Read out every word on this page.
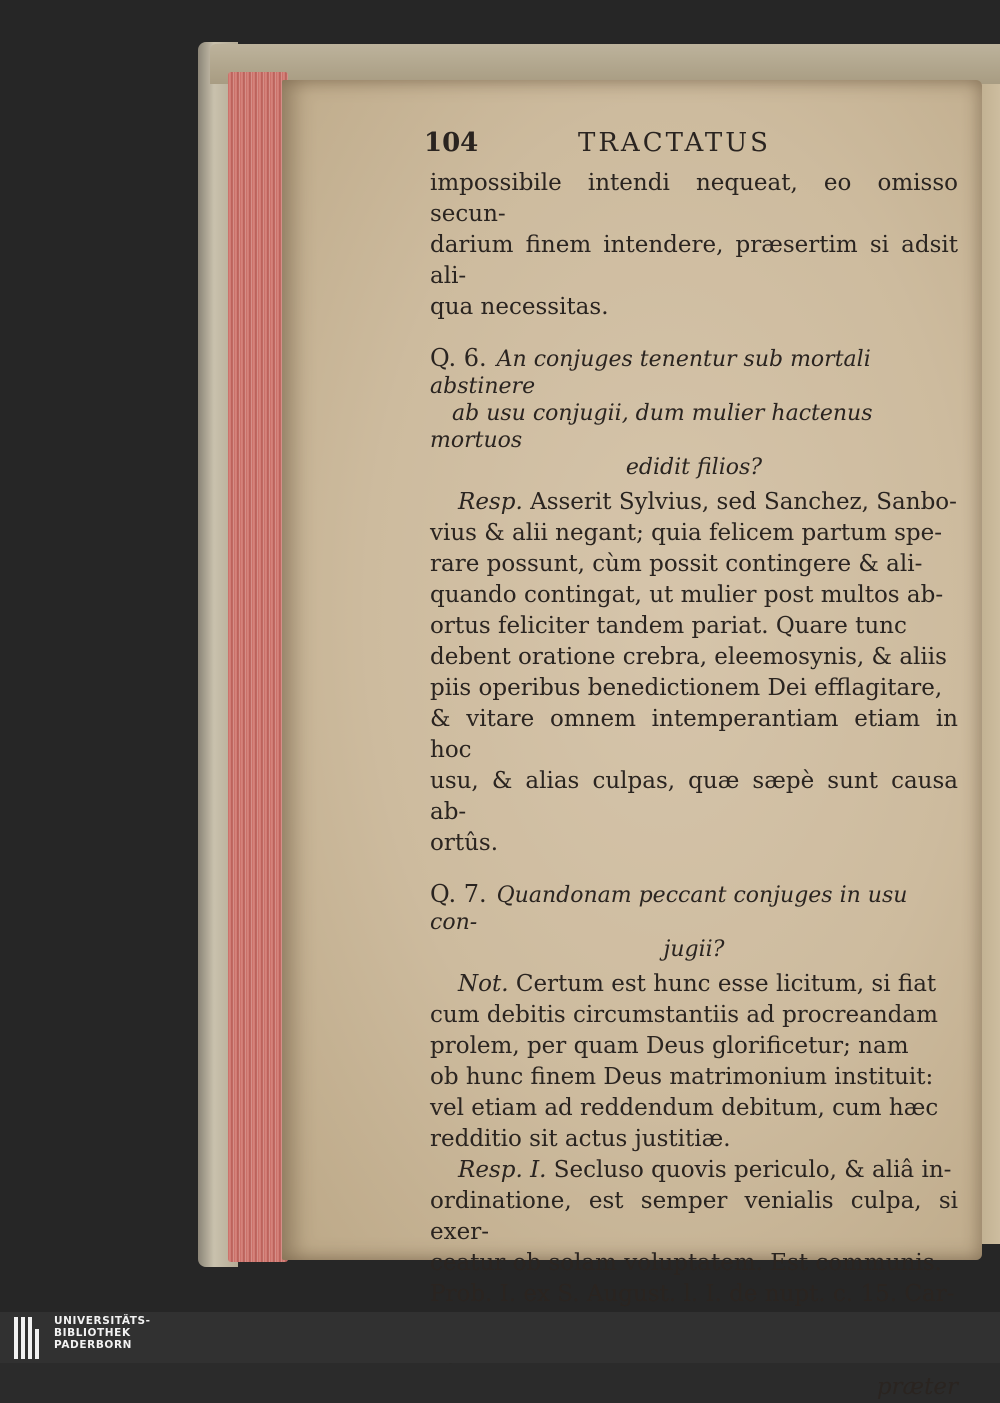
104	TRACTATUS

impossibile intendi nequeat, eo omisso secun-
darium finem intendere, præsertim si adsit ali-
qua necessitas.

Q. 6. An conjuges tenentur sub mortali abstinere
ab usu conjugii, dum mulier hactenus mortuos

edidit filios?

Resp. Asserit Sylvius, sed Sanchez, Sanbo-
vius & alii negant; quia felicem partum spe-
rare possunt, cùm possit contingere & ali-
quando contingat, ut mulier post multos ab-
ortus feliciter tandem pariat. Quare tunc
debent oratione crebra, eleemosynis, & aliis
piis operibus benedictionem Dei efflagitare,
& vitare omnem intemperantiam etiam in hoc
usu, & alias culpas, quæ sæpè sunt causa ab-
ortûs.

Q. 7. Quandonam peccant conjuges in usu con-

jugii?

Not. Certum est hunc esse licitum, si fiat
cum debitis circumstantiis ad procreandam
prolem, per quam Deus glorificetur; nam
ob hunc finem Deus matrimonium instituit:
vel etiam ad reddendum debitum, cum hæc
redditio sit actus justitiæ.

Resp. I. Secluso quovis periculo, & aliâ in-
ordinatione, est semper venialis culpa, si exer-
ceatur ob solam voluptatem. Est communis.
Prob. I. ex S. August. l. I. de nupt. c. 15. Car-

præter
UNIVERSITÄTS-
BIBLIOTHEK
PADERBORN
